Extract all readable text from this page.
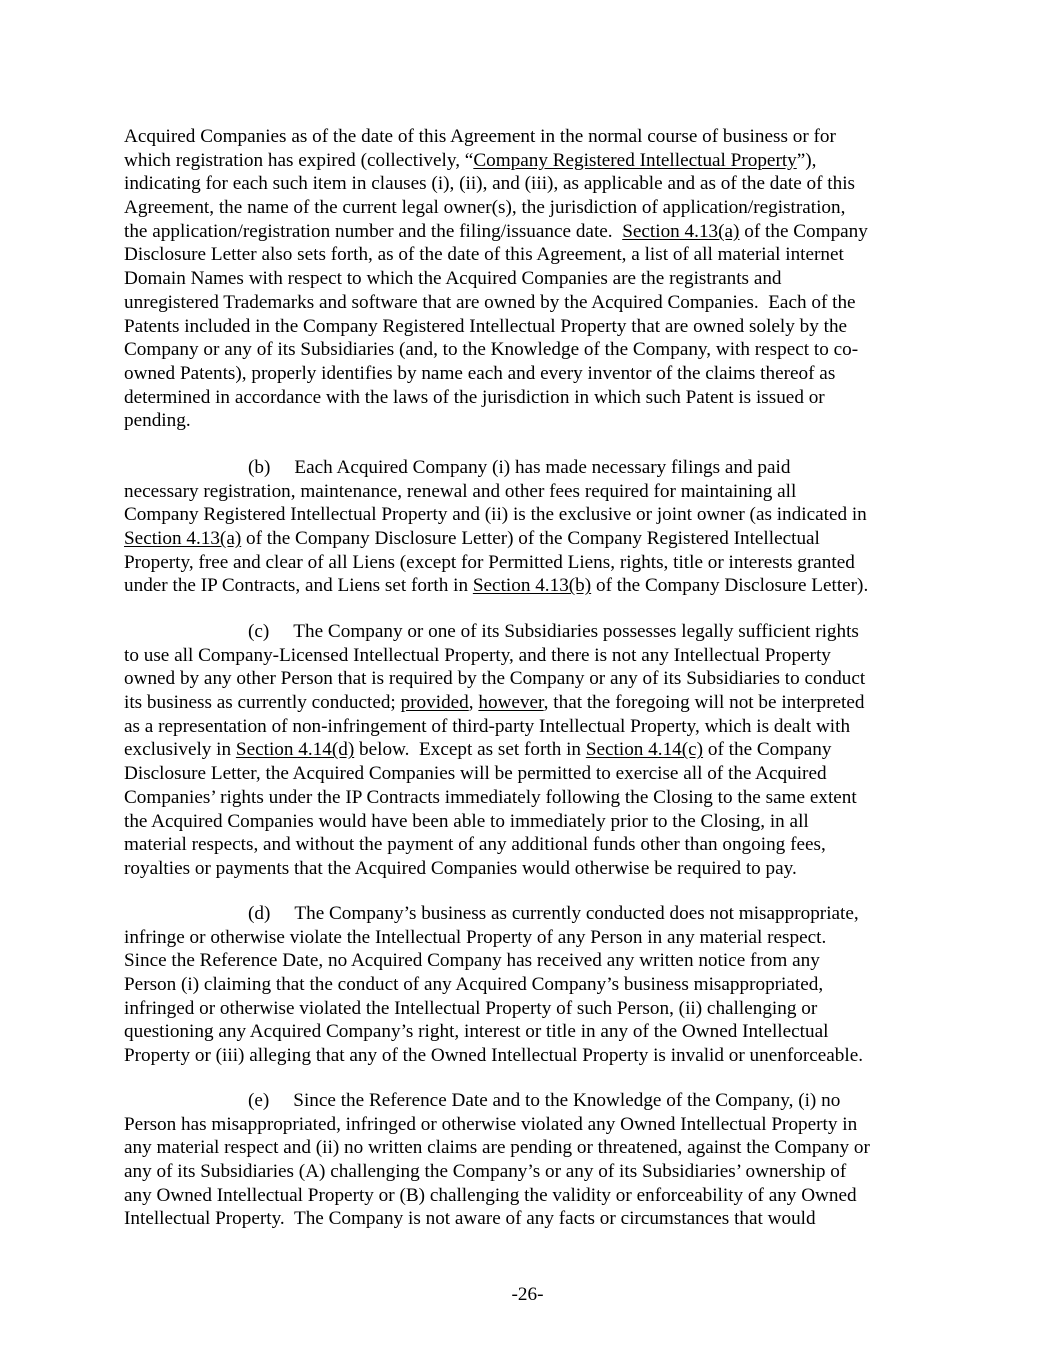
Acquired Companies as of the date of this Agreement in the normal course of business or for
which registration has expired (collectively, “Company Registered Intellectual Property”),
indicating for each such item in clauses (i), (ii), and (iii), as applicable and as of the date of this
Agreement, the name of the current legal owner(s), the jurisdiction of application/registration,
the application/registration number and the filing/issuance date.  Section 4.13(a) of the Company
Disclosure Letter also sets forth, as of the date of this Agreement, a list of all material internet
Domain Names with respect to which the Acquired Companies are the registrants and
unregistered Trademarks and software that are owned by the Acquired Companies.  Each of the
Patents included in the Company Registered Intellectual Property that are owned solely by the
Company or any of its Subsidiaries (and, to the Knowledge of the Company, with respect to co-
owned Patents), properly identifies by name each and every inventor of the claims thereof as
determined in accordance with the laws of the jurisdiction in which such Patent is issued or
pending.
(b) Each Acquired Company (i) has made necessary filings and paid
necessary registration, maintenance, renewal and other fees required for maintaining all
Company Registered Intellectual Property and (ii) is the exclusive or joint owner (as indicated in
Section 4.13(a) of the Company Disclosure Letter) of the Company Registered Intellectual
Property, free and clear of all Liens (except for Permitted Liens, rights, title or interests granted
under the IP Contracts, and Liens set forth in Section 4.13(b) of the Company Disclosure Letter).
(c) The Company or one of its Subsidiaries possesses legally sufficient rights
to use all Company-Licensed Intellectual Property, and there is not any Intellectual Property
owned by any other Person that is required by the Company or any of its Subsidiaries to conduct
its business as currently conducted; provided, however, that the foregoing will not be interpreted
as a representation of non-infringement of third-party Intellectual Property, which is dealt with
exclusively in Section 4.14(d) below.  Except as set forth in Section 4.14(c) of the Company
Disclosure Letter, the Acquired Companies will be permitted to exercise all of the Acquired
Companies’ rights under the IP Contracts immediately following the Closing to the same extent
the Acquired Companies would have been able to immediately prior to the Closing, in all
material respects, and without the payment of any additional funds other than ongoing fees,
royalties or payments that the Acquired Companies would otherwise be required to pay.
(d) The Company’s business as currently conducted does not misappropriate,
infringe or otherwise violate the Intellectual Property of any Person in any material respect.
Since the Reference Date, no Acquired Company has received any written notice from any
Person (i) claiming that the conduct of any Acquired Company’s business misappropriated,
infringed or otherwise violated the Intellectual Property of such Person, (ii) challenging or
questioning any Acquired Company’s right, interest or title in any of the Owned Intellectual
Property or (iii) alleging that any of the Owned Intellectual Property is invalid or unenforceable.
(e) Since the Reference Date and to the Knowledge of the Company, (i) no
Person has misappropriated, infringed or otherwise violated any Owned Intellectual Property in
any material respect and (ii) no written claims are pending or threatened, against the Company or
any of its Subsidiaries (A) challenging the Company’s or any of its Subsidiaries’ ownership of
any Owned Intellectual Property or (B) challenging the validity or enforceability of any Owned
Intellectual Property.  The Company is not aware of any facts or circumstances that would
-26-
